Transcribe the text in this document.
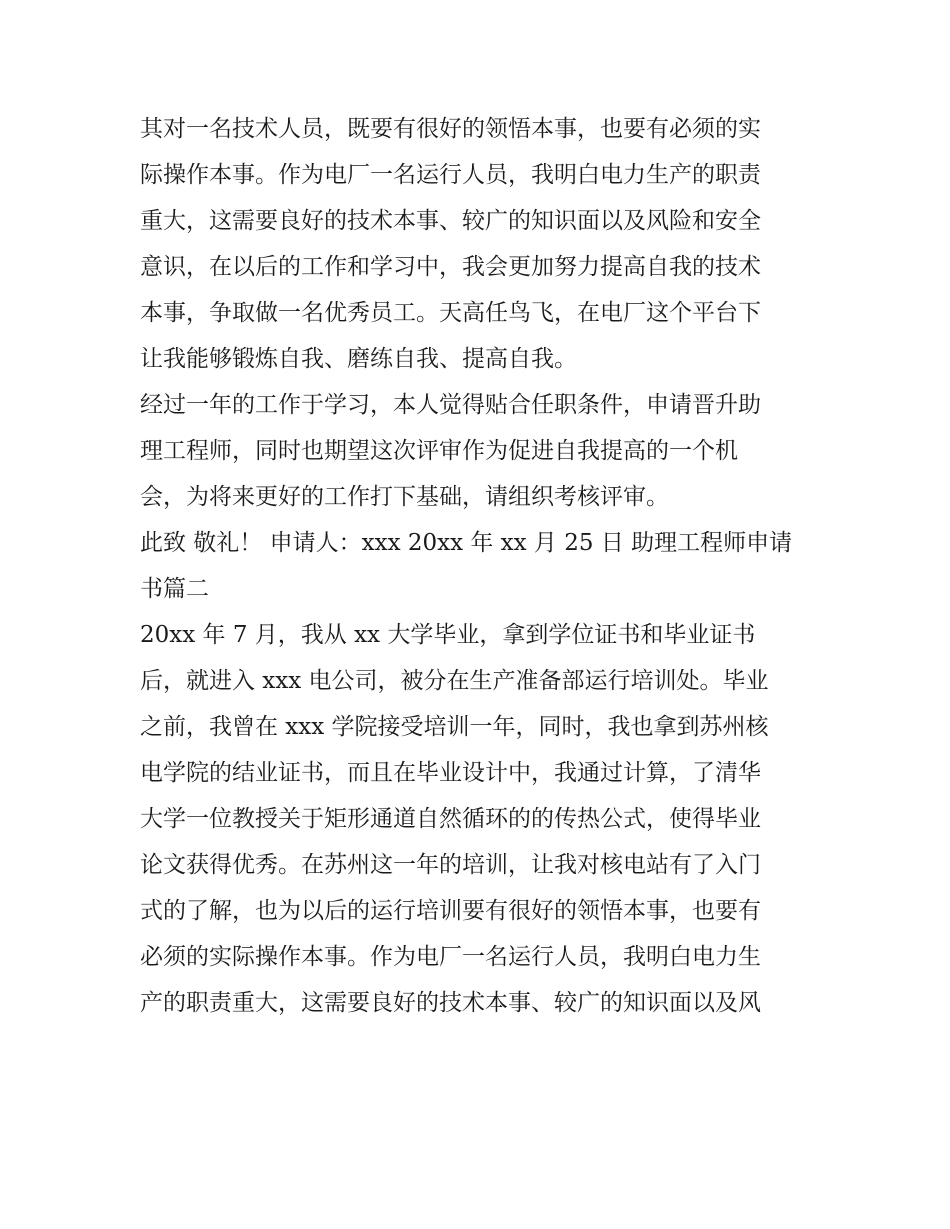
其对一名技术人员，既要有很好的领悟本事，也要有必须的实
际操作本事。作为电厂一名运行人员，我明白电力生产的职责
重大，这需要良好的技术本事、较广的知识面以及风险和安全
意识，在以后的工作和学习中，我会更加努力提高自我的技术
本事，争取做一名优秀员工。天高任鸟飞，在电厂这个平台下
让我能够锻炼自我、磨练自我、提高自我。
经过一年的工作于学习，本人觉得贴合任职条件，申请晋升助
理工程师，同时也期望这次评审作为促进自我提高的一个机
会，为将来更好的工作打下基础，请组织考核评审。
此致 敬礼！ 申请人：xxx 20xx 年 xx 月 25 日 助理工程师申请
书篇二
20xx 年 7 月，我从 xx 大学毕业，拿到学位证书和毕业证书
后，就进入 xxx 电公司，被分在生产准备部运行培训处。毕业
之前，我曾在 xxx 学院接受培训一年，同时，我也拿到苏州核
电学院的结业证书，而且在毕业设计中，我通过计算，了清华
大学一位教授关于矩形通道自然循环的的传热公式，使得毕业
论文获得优秀。在苏州这一年的培训，让我对核电站有了入门
式的了解，也为以后的运行培训要有很好的领悟本事，也要有
必须的实际操作本事。作为电厂一名运行人员，我明白电力生
产的职责重大，这需要良好的技术本事、较广的知识面以及风
